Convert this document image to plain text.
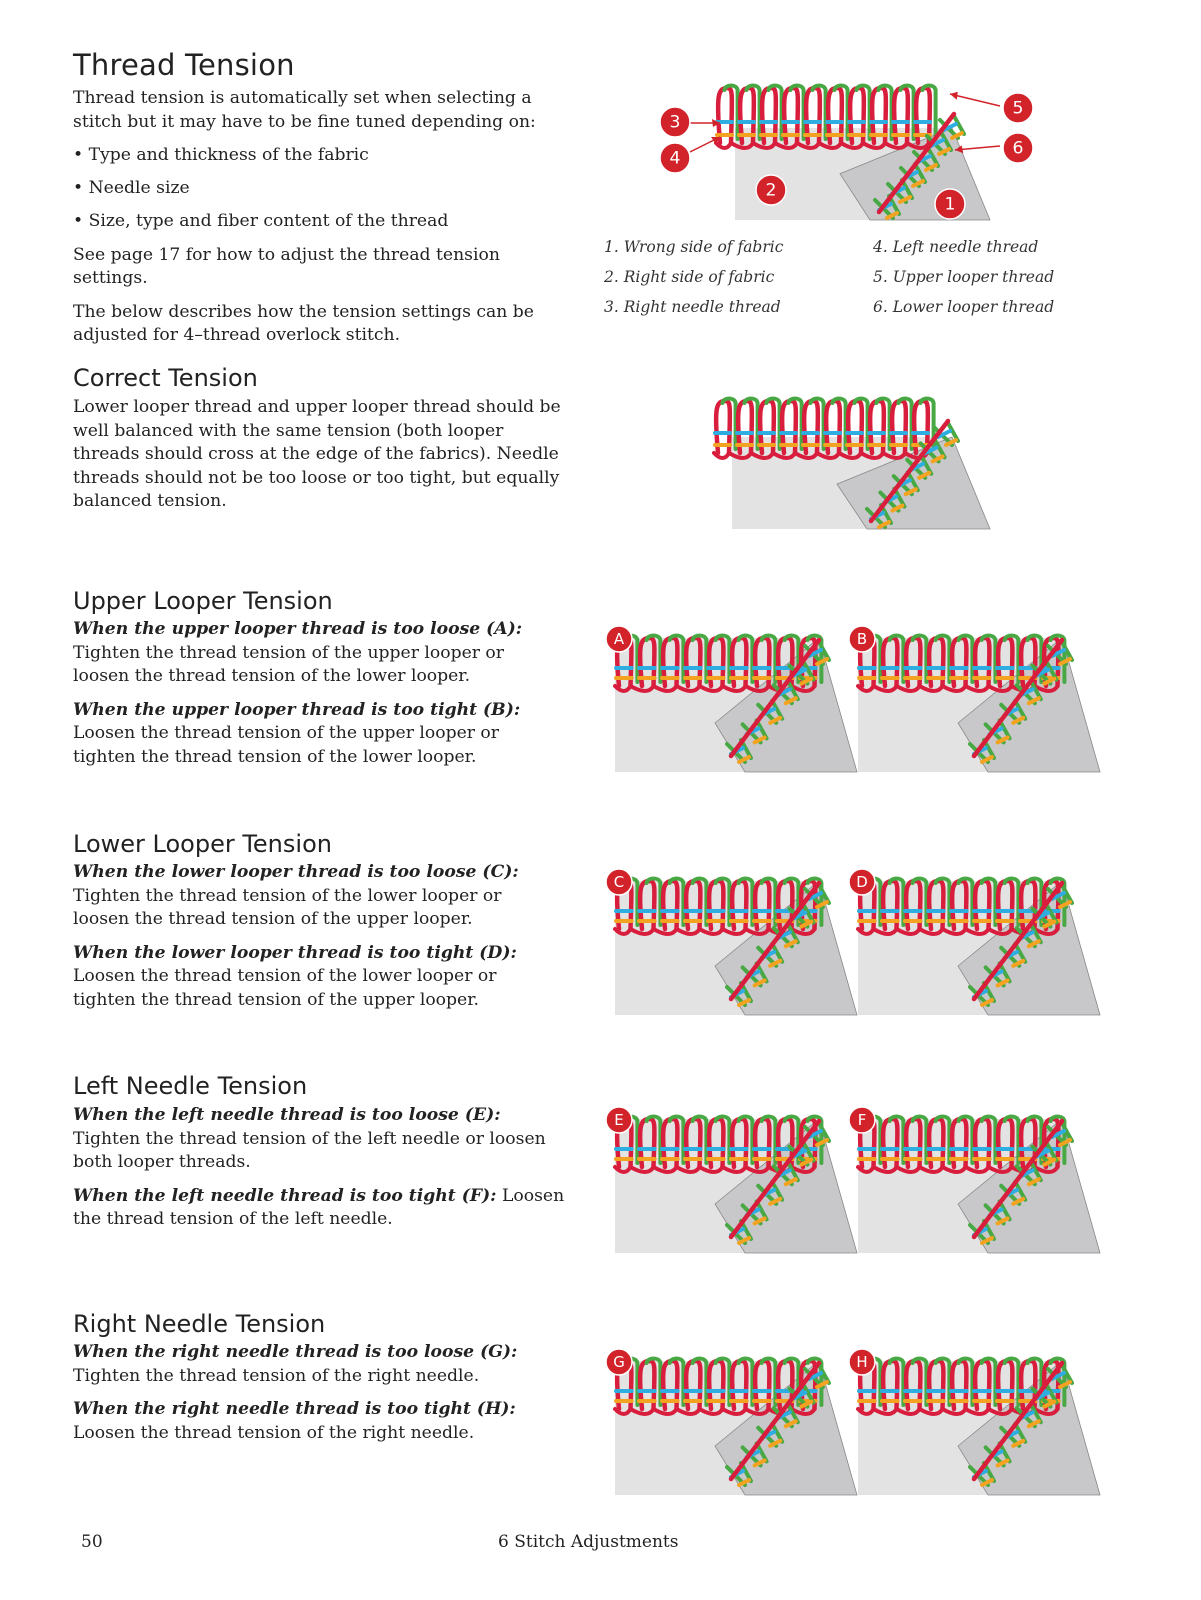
Thread Tension

Thread tension is automatically set when selecting a stitch but it may have to be fine tuned depending on:

• Type and thickness of the fabric
• Needle size
• Size, type and fiber content of the thread

See page 17 for how to adjust the thread tension settings.

The below describes how the tension settings can be adjusted for 4–thread overlock stitch.

5
6
3
4
2
1
1. Wrong side of fabric
2. Right side of fabric
3. Right needle thread
4. Left needle thread
5. Upper looper thread
6. Lower looper thread
Correct Tension

Lower looper thread and upper looper thread should be well balanced with the same tension (both looper threads should cross at the edge of the fabrics). Needle threads should not be too loose or too tight, but equally balanced tension.

Upper Looper Tension

When the upper looper thread is too loose (A): Tighten the thread tension of the upper looper or loosen the thread tension of the lower looper.

When the upper looper thread is too tight (B): Loosen the thread tension of the upper looper or tighten the thread tension of the lower looper.

A	B
Lower Looper Tension

When the lower looper thread is too loose (C): Tighten the thread tension of the lower looper or loosen the thread tension of the upper looper.

When the lower looper thread is too tight (D): Loosen the thread tension of the lower looper or tighten the thread tension of the upper looper.

C	D
Left Needle Tension

When the left needle thread is too loose (E): Tighten the thread tension of the left needle or loosen both looper threads.

When the left needle thread is too tight (F): Loosen the thread tension of the left needle.

E	F
Right Needle Tension

When the right needle thread is too loose (G): Tighten the thread tension of the right needle.

When the right needle thread is too tight (H): Loosen the thread tension of the right needle.

G	H
50	6 Stitch Adjustments
